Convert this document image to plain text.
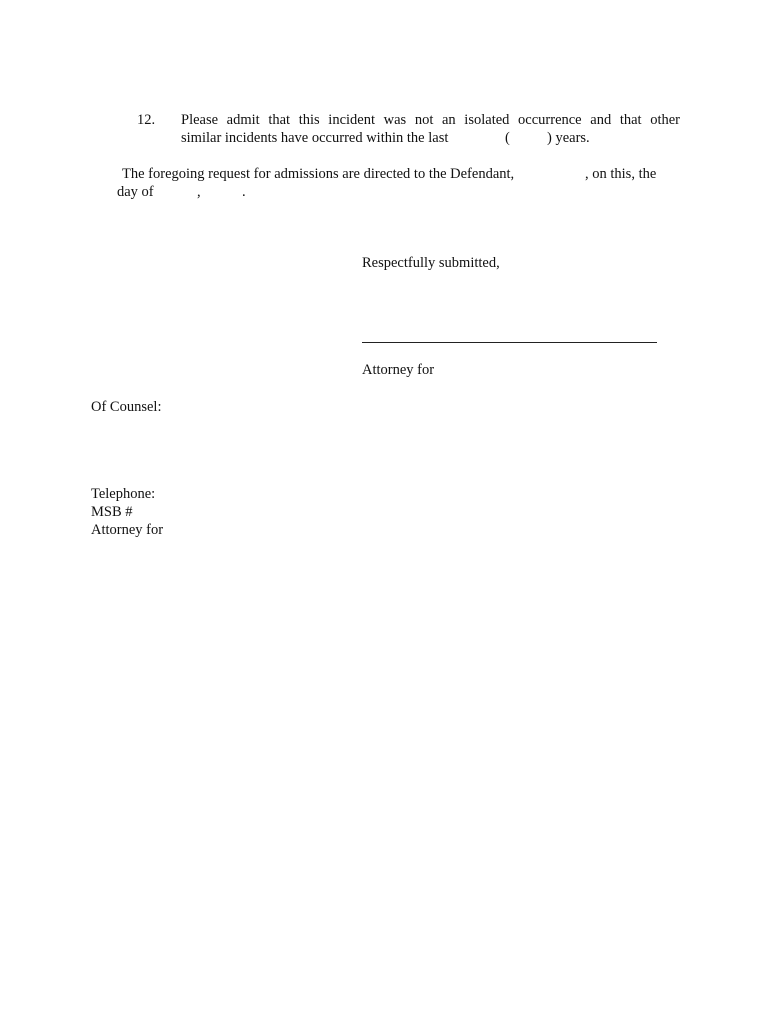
12. Please admit that this incident was not an isolated occurrence and that other
similar incidents have occurred within the last	(	) years.
The foregoing request for admissions are directed to the Defendant,	, on this, the
day of	,	.
Respectfully submitted,
Attorney for
Of Counsel:
Telephone:
MSB #
Attorney for
